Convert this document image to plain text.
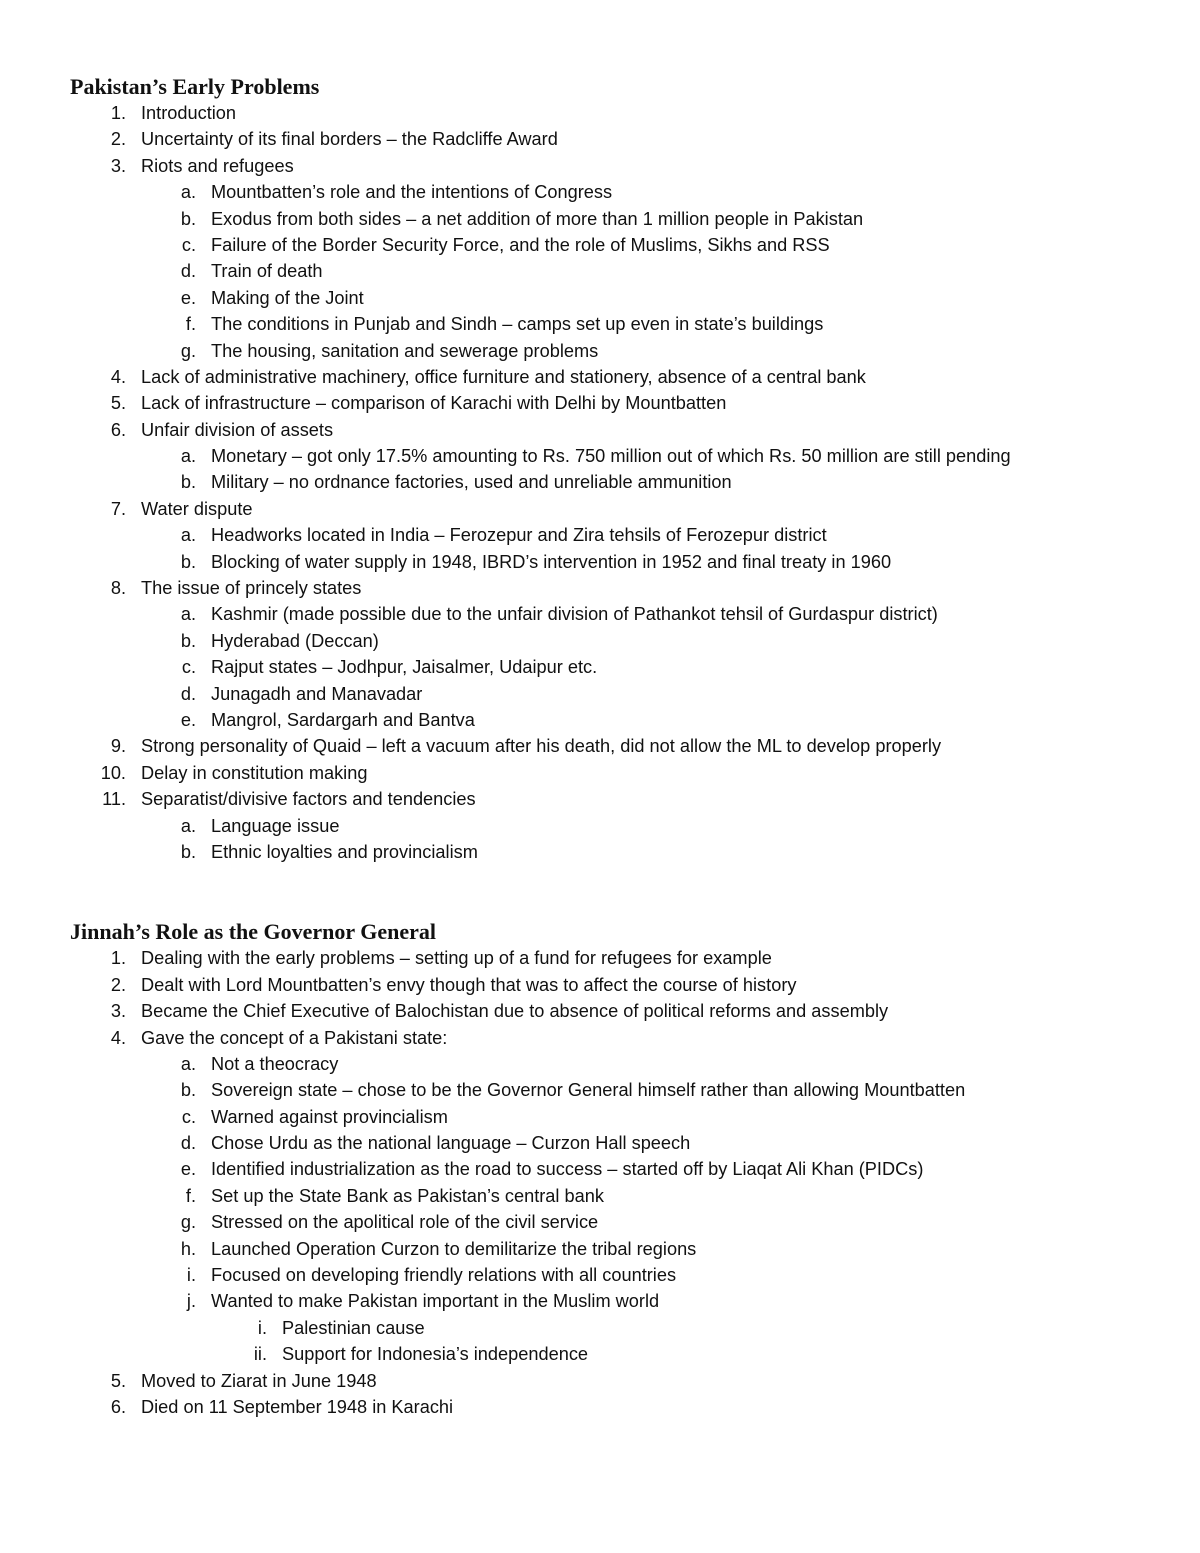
Pakistan’s Early Problems
1. Introduction
2. Uncertainty of its final borders – the Radcliffe Award
3. Riots and refugees
a. Mountbatten’s role and the intentions of Congress
b. Exodus from both sides – a net addition of more than 1 million people in Pakistan
c. Failure of the Border Security Force, and the role of Muslims, Sikhs and RSS
d. Train of death
e. Making of the Joint
f. The conditions in Punjab and Sindh – camps set up even in state’s buildings
g. The housing, sanitation and sewerage problems
4. Lack of administrative machinery, office furniture and stationery, absence of a central bank
5. Lack of infrastructure – comparison of Karachi with Delhi by Mountbatten
6. Unfair division of assets
a. Monetary – got only 17.5% amounting to Rs. 750 million out of which Rs. 50 million are still pending
b. Military – no ordnance factories, used and unreliable ammunition
7. Water dispute
a. Headworks located in India – Ferozepur and Zira tehsils of Ferozepur district
b. Blocking of water supply in 1948, IBRD’s intervention in 1952 and final treaty in 1960
8. The issue of princely states
a. Kashmir (made possible due to the unfair division of Pathankot tehsil of Gurdaspur district)
b. Hyderabad (Deccan)
c. Rajput states – Jodhpur, Jaisalmer, Udaipur etc.
d. Junagadh and Manavadar
e. Mangrol, Sardargarh and Bantva
9. Strong personality of Quaid – left a vacuum after his death, did not allow the ML to develop properly
10. Delay in constitution making
11. Separatist/divisive factors and tendencies
a. Language issue
b. Ethnic loyalties and provincialism
Jinnah’s Role as the Governor General
1. Dealing with the early problems – setting up of a fund for refugees for example
2. Dealt with Lord Mountbatten’s envy though that was to affect the course of history
3. Became the Chief Executive of Balochistan due to absence of political reforms and assembly
4. Gave the concept of a Pakistani state:
a. Not a theocracy
b. Sovereign state – chose to be the Governor General himself rather than allowing Mountbatten
c. Warned against provincialism
d. Chose Urdu as the national language – Curzon Hall speech
e. Identified industrialization as the road to success – started off by Liaqat Ali Khan (PIDCs)
f. Set up the State Bank as Pakistan’s central bank
g. Stressed on the apolitical role of the civil service
h. Launched Operation Curzon to demilitarize the tribal regions
i. Focused on developing friendly relations with all countries
j. Wanted to make Pakistan important in the Muslim world
i. Palestinian cause
ii. Support for Indonesia’s independence
5. Moved to Ziarat in June 1948
6. Died on 11 September 1948 in Karachi
